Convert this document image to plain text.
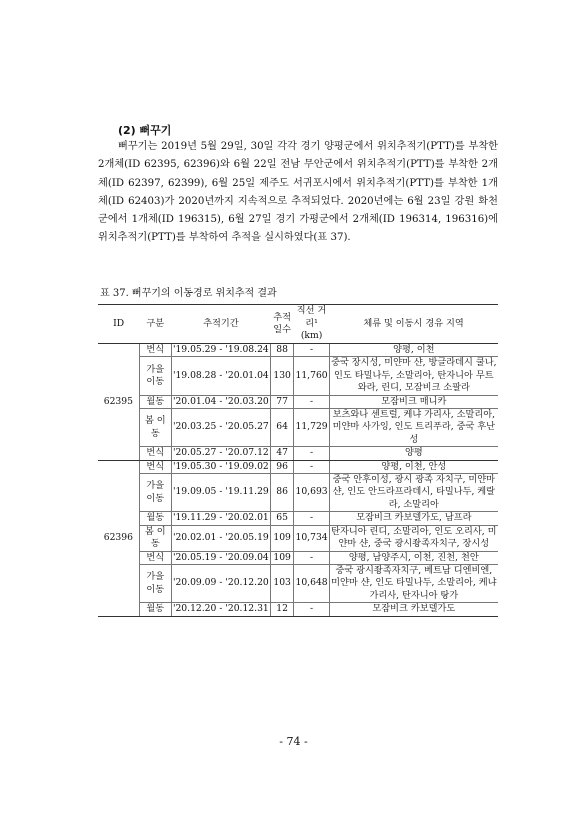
(2) 뻐꾸기

뻐꾸기는 2019년 5월 29일, 30일 각각 경기 양평군에서 위치추적기(PTT)를 부착한 2개체(ID 62395, 62396)와 6월 22일 전남 무안군에서 위치추적기(PTT)를 부착한 2개체(ID 62397, 62399), 6월 25일 제주도 서귀포시에서 위치추적기(PTT)를 부착한 1개체(ID 62403)가 2020년까지 지속적으로 추적되었다. 2020년에는 6월 23일 강원 화천군에서 1개체(ID 196315), 6월 27일 경기 가평군에서 2개체(ID 196314, 196316)에 위치추적기(PTT)를 부착하여 추적을 실시하였다(표 37).

표 37. 뻐꾸기의 이동경로 위치추적 결과
ID	구분	추적기간	추적 일수	직선 거리¹ (km)	체류 및 이동시 경유 지역
62395	번식	'19.05.29 - '19.08.24	88	-	양평, 이천
	가을 이동	'19.08.28 - '20.01.04	130	11,760	중국 장시성, 미얀마 샨, 방글라데시 쿨나, 인도 타밀나두, 소말리아, 탄자니아 무트와라, 린디, 모잠비크 소팔라
	월동	'20.01.04 - '20.03.20	77	-	모잠비크 매니카
	봄 이동	'20.03.25 - '20.05.27	64	11,729	보츠와나 센트럴, 케냐 가리사, 소말리아, 미얀마 사가잉, 인도 트리푸라, 중국 후난성
	번식	'20.05.27 - '20.07.12	47	-	양평
62396	번식	'19.05.30 - '19.09.02	96	-	양평, 이천, 안성
	가을 이동	'19.09.05 - '19.11.29	86	10,693	중국 안후이성, 광시 광족 자치구, 미얀마 샨, 인도 안드라프라데시, 타밀나두, 케랄라, 소말리아
	월동	'19.11.29 - '20.02.01	65	-	모잠비크 카보델가도, 남프라
	봄 이동	'20.02.01 - '20.05.19	109	10,734	탄자니아 린디, 소말리아, 인도 오리사, 미얀마 샨, 중국 광시좡족자치구, 장시성
	번식	'20.05.19 - '20.09.04	109	-	양평, 남양주시, 이천, 진천, 천안
	가을 이동	'20.09.09 - '20.12.20	103	10,648	중국 광시좡족자치구, 베트남 디엔비엔, 미얀마 샨, 인도 타밀나두, 소말리아, 케냐 가리사, 탄자니아 탕가
	월동	'20.12.20 - '20.12.31	12	-	모잠비크 카보델가도
- 74 -
